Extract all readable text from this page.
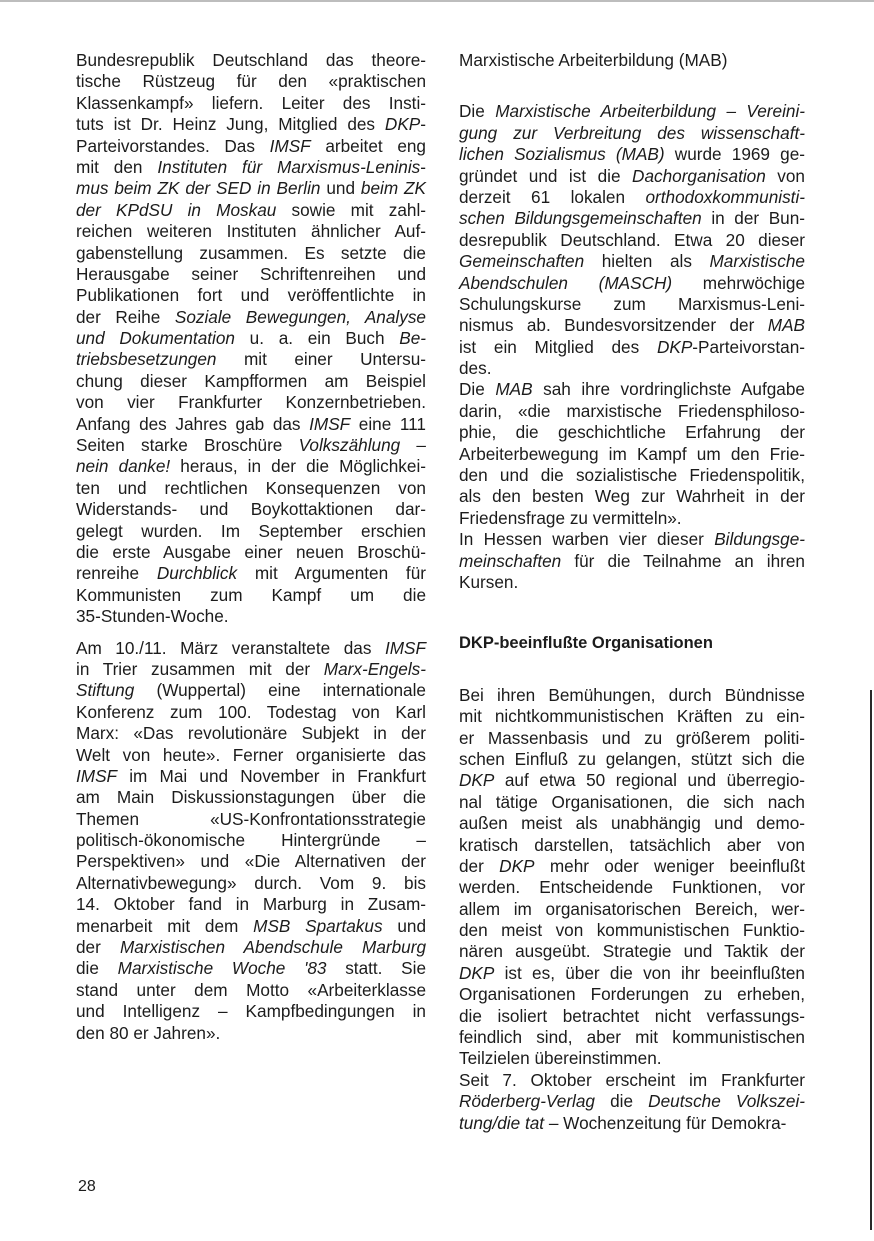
Bundesrepublik Deutschland das theore-
tische Rüstzeug für den «praktischen
Klassenkampf» liefern. Leiter des Insti-
tuts ist Dr. Heinz Jung, Mitglied des DKP-
Parteivorstandes. Das IMSF arbeitet eng
mit den Instituten für Marxismus-Leninis-
mus beim ZK der SED in Berlin und beim ZK
der KPdSU in Moskau sowie mit zahl-
reichen weiteren Instituten ähnlicher Auf-
gabenstellung zusammen. Es setzte die
Herausgabe seiner Schriftenreihen und
Publikationen fort und veröffentlichte in
der Reihe Soziale Bewegungen, Analyse
und Dokumentation u. a. ein Buch Be-
triebsbesetzungen mit einer Untersu-
chung dieser Kampfformen am Beispiel
von vier Frankfurter Konzernbetrieben.
Anfang des Jahres gab das IMSF eine 111
Seiten starke Broschüre Volkszählung –
nein danke! heraus, in der die Möglichkei-
ten und rechtlichen Konsequenzen von
Widerstands- und Boykottaktionen dar-
gelegt wurden. Im September erschien
die erste Ausgabe einer neuen Broschü-
renreihe Durchblick mit Argumenten für
Kommunisten zum Kampf um die
35-Stunden-Woche.
Am 10./11. März veranstaltete das IMSF
in Trier zusammen mit der Marx-Engels-
Stiftung (Wuppertal) eine internationale
Konferenz zum 100. Todestag von Karl
Marx: «Das revolutionäre Subjekt in der
Welt von heute». Ferner organisierte das
IMSF im Mai und November in Frankfurt
am Main Diskussionstagungen über die
Themen «US-Konfrontationsstrategie
politisch-ökonomische Hintergründe –
Perspektiven» und «Die Alternativen der
Alternativbewegung» durch. Vom 9. bis
14. Oktober fand in Marburg in Zusam-
menarbeit mit dem MSB Spartakus und
der Marxistischen Abendschule Marburg
die Marxistische Woche '83 statt. Sie
stand unter dem Motto «Arbeiterklasse
und Intelligenz – Kampfbedingungen in
den 80 er Jahren».
Marxistische Arbeiterbildung (MAB)
Die Marxistische Arbeiterbildung – Vereini-
gung zur Verbreitung des wissenschaft-
lichen Sozialismus (MAB) wurde 1969 ge-
gründet und ist die Dachorganisation von
derzeit 61 lokalen orthodoxkommunisti-
schen Bildungsgemeinschaften in der Bun-
desrepublik Deutschland. Etwa 20 dieser
Gemeinschaften hielten als Marxistische
Abendschulen (MASCH) mehrwöchige
Schulungskurse zum Marxismus-Leni-
nismus ab. Bundesvorsitzender der MAB
ist ein Mitglied des DKP-Parteivorstan-
des.
Die MAB sah ihre vordringlichste Aufgabe
darin, «die marxistische Friedensphiloso-
phie, die geschichtliche Erfahrung der
Arbeiterbewegung im Kampf um den Frie-
den und die sozialistische Friedenspolitik,
als den besten Weg zur Wahrheit in der
Friedensfrage zu vermitteln».
In Hessen warben vier dieser Bildungsge-
meinschaften für die Teilnahme an ihren
Kursen.
DKP-beeinflußte Organisationen
Bei ihren Bemühungen, durch Bündnisse
mit nichtkommunistischen Kräften zu ein-
er Massenbasis und zu größerem politi-
schen Einfluß zu gelangen, stützt sich die
DKP auf etwa 50 regional und überregio-
nal tätige Organisationen, die sich nach
außen meist als unabhängig und demo-
kratisch darstellen, tatsächlich aber von
der DKP mehr oder weniger beeinflußt
werden. Entscheidende Funktionen, vor
allem im organisatorischen Bereich, wer-
den meist von kommunistischen Funktio-
nären ausgeübt. Strategie und Taktik der
DKP ist es, über die von ihr beeinflußten
Organisationen Forderungen zu erheben,
die isoliert betrachtet nicht verfassungs-
feindlich sind, aber mit kommunistischen
Teilzielen übereinstimmen.
Seit 7. Oktober erscheint im Frankfurter
Röderberg-Verlag die Deutsche Volkszei-
tung/die tat – Wochenzeitung für Demokra-
28
